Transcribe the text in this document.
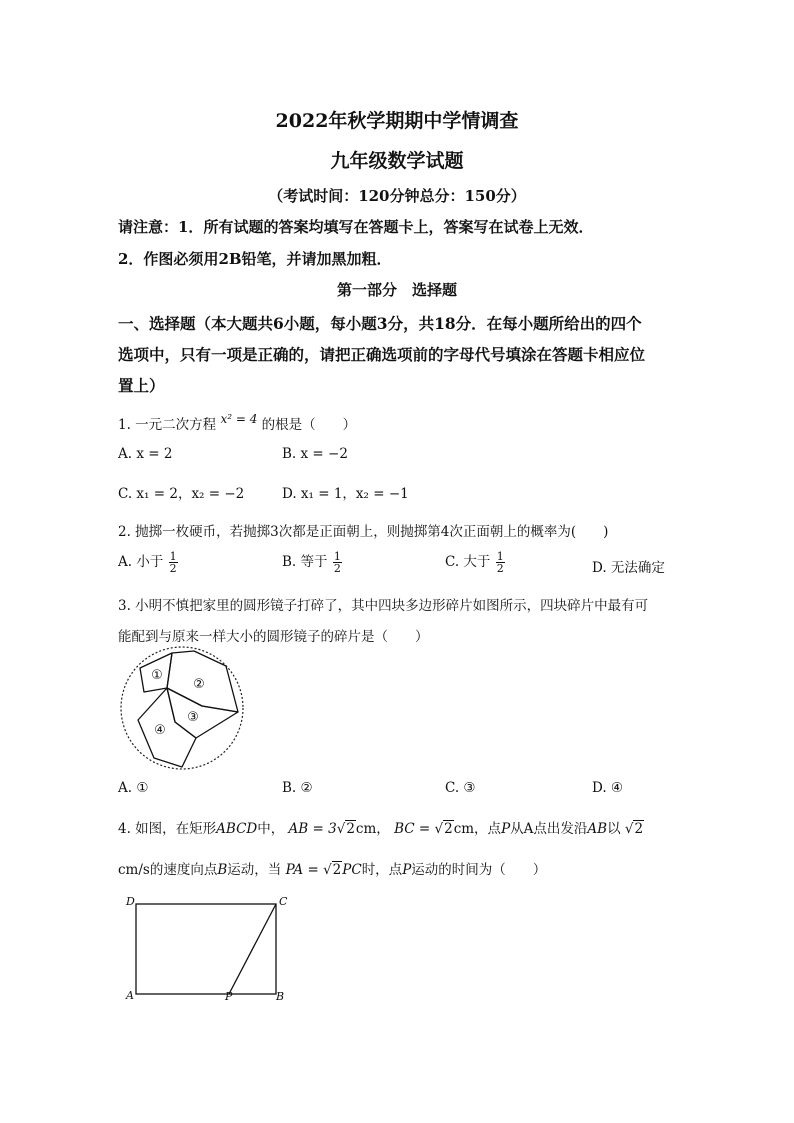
2022年秋学期期中学情调查
九年级数学试题
（考试时间：120分钟总分：150分）
请注意：1．所有试题的答案均填写在答题卡上，答案写在试卷上无效．
2．作图必须用2B铅笔，并请加黑加粗．
第一部分　选择题
一、选择题（本大题共6小题，每小题3分，共18分．在每小题所给出的四个
选项中，只有一项是正确的，请把正确选项前的字母代号填涂在答题卡相应位
置上）
1. 一元二次方程 x² = 4 的根是（　　）
A. x = 2	B. x = −2
C. x₁ = 2，x₂ = −2	D. x₁ = 1，x₂ = −1
2. 抛掷一枚硬币，若抛掷3次都是正面朝上，则抛掷第4次正面朝上的概率为(　　)
A. 小于 $\frac{1}{2}$	B. 等于 $\frac{1}{2}$	C. 大于 $\frac{1}{2}$	D. 无法确定
3. 小明不慎把家里的圆形镜子打碎了，其中四块多边形碎片如图所示，四块碎片中最有可
能配到与原来一样大小的圆形镜子的碎片是（　　）
①
②
③
④
A. ①	B. ②	C. ③	D. ④
4. 如图，在矩形ABCD中， AB = 3√2cm， BC = √2cm，点P从A点出发沿AB以 √2
cm/s的速度向点B运动，当 PA = √2PC时，点P运动的时间为（　　）
D	C
A	P	B
